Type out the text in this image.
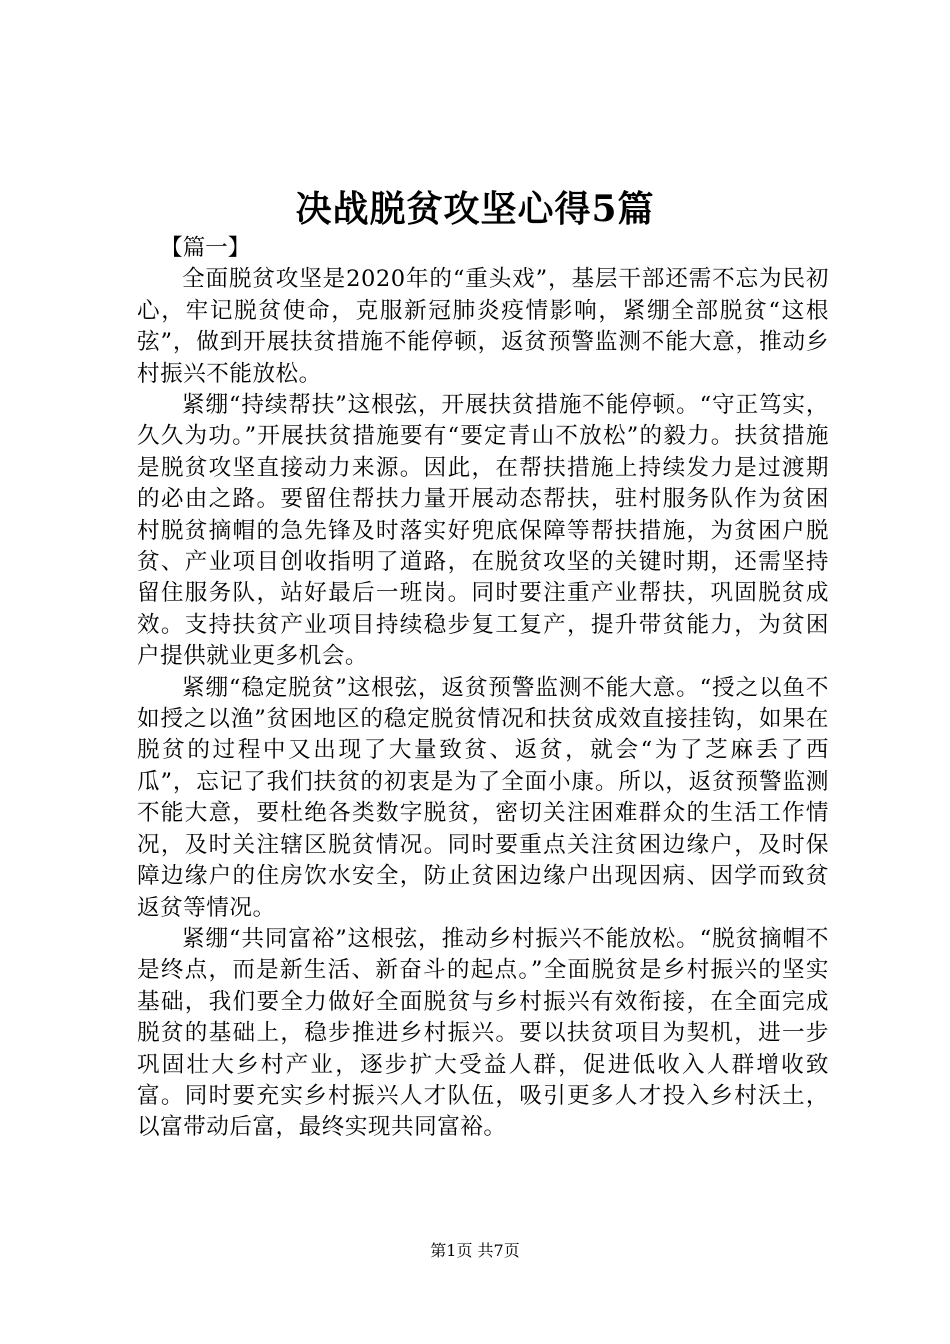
决战脱贫攻坚心得5篇

【篇一】

全面脱贫攻坚是2020年的“重头戏”，基层干部还需不忘为民初心，牢记脱贫使命，克服新冠肺炎疫情影响，紧绷全部脱贫“这根弦”，做到开展扶贫措施不能停顿，返贫预警监测不能大意，推动乡村振兴不能放松。

紧绷“持续帮扶”这根弦，开展扶贫措施不能停顿。“守正笃实，久久为功。”开展扶贫措施要有“要定青山不放松”的毅力。扶贫措施是脱贫攻坚直接动力来源。因此，在帮扶措施上持续发力是过渡期的必由之路。要留住帮扶力量开展动态帮扶，驻村服务队作为贫困村脱贫摘帽的急先锋及时落实好兜底保障等帮扶措施，为贫困户脱贫、产业项目创收指明了道路，在脱贫攻坚的关键时期，还需坚持留住服务队，站好最后一班岗。同时要注重产业帮扶，巩固脱贫成效。支持扶贫产业项目持续稳步复工复产，提升带贫能力，为贫困户提供就业更多机会。

紧绷“稳定脱贫”这根弦，返贫预警监测不能大意。“授之以鱼不如授之以渔”贫困地区的稳定脱贫情况和扶贫成效直接挂钩，如果在脱贫的过程中又出现了大量致贫、返贫，就会“为了芝麻丢了西瓜”，忘记了我们扶贫的初衷是为了全面小康。所以，返贫预警监测不能大意，要杜绝各类数字脱贫，密切关注困难群众的生活工作情况，及时关注辖区脱贫情况。同时要重点关注贫困边缘户，及时保障边缘户的住房饮水安全，防止贫困边缘户出现因病、因学而致贫返贫等情况。

紧绷“共同富裕”这根弦，推动乡村振兴不能放松。“脱贫摘帽不是终点，而是新生活、新奋斗的起点。”全面脱贫是乡村振兴的坚实基础，我们要全力做好全面脱贫与乡村振兴有效衔接，在全面完成脱贫的基础上，稳步推进乡村振兴。要以扶贫项目为契机，进一步巩固壮大乡村产业，逐步扩大受益人群，促进低收入人群增收致富。同时要充实乡村振兴人才队伍，吸引更多人才投入乡村沃土，以富带动后富，最终实现共同富裕。

第1页 共7页
